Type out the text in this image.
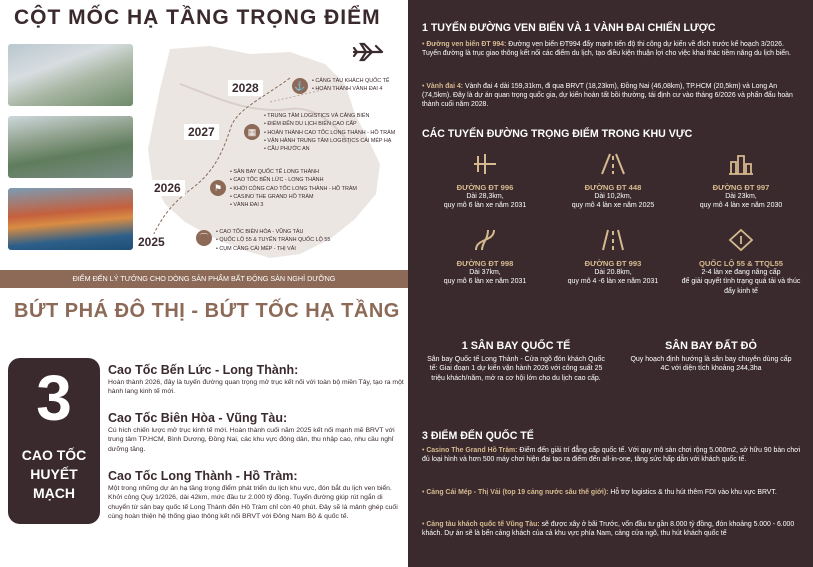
CỘT MỐC HẠ TẦNG TRỌNG ĐIỂM
2028	⚓
•	CẢNG TÀU KHÁCH QUỐC TẾ
• HOÀN THÀNH VÀNH ĐAI 4
2027	▦
• TRUNG TÂM LOGISTICS VÀ CẢNG BIỂN
• ĐIỂM ĐẾN DU LỊCH BIỂN CAO CẤP
• HOÀN THÀNH CAO TỐC LONG THÀNH - HỒ TRÀM
• VẬN HÀNH TRUNG TÂM LOGISTICS CÁI MÉP HẠ
• CẦU PHƯỚC AN
2026	⚑
• SÂN BAY QUỐC TẾ LONG THÀNH
• CAO TỐC BẾN LỨC - LONG THÀNH
• KHỞI CÔNG CAO TỐC LONG THÀNH - HỒ TRÀM
• CASINO THE GRAND HỒ TRÀM
• VÀNH ĐAI 3
2025	⌒
• CAO TỐC BIÊN HÒA - VŨNG TÀU
• QUỐC LỘ 55 & TUYẾN TRÁNH QUỐC LỘ 55
• CỤM CẢNG CÁI MÉP - THỊ VẢI
ĐIỂM ĐẾN LÝ TƯỞNG CHO DÒNG SẢN PHẨM BẤT ĐỘNG SẢN NGHỈ DƯỠNG
BỨT PHÁ ĐÔ THỊ - BỨT TỐC HẠ TẦNG
3
CAO TỐC
HUYẾT
MẠCH
Cao Tốc Bến Lức - Long Thành:

Hoàn thành 2026, đây là tuyến đường quan trọng mở trục kết nối với toàn bộ miền Tây, tạo ra một hành lang kinh tế mới.

Cao Tốc Biên Hòa - Vũng Tàu:

Cú hích chiến lược mở trục kinh tế mới. Hoàn thành cuối năm 2025 kết nối mạnh mẽ BRVT với trung tâm TP.HCM, Bình Dương, Đồng Nai, các khu vực đông dân, thu nhập cao, nhu cầu nghỉ dưỡng tăng.

Cao Tốc Long Thành - Hồ Tràm:

Một trong những dự án hạ tầng trọng điểm phát triển du lịch khu vực, đón bắt du lịch ven biển. Khởi công Quý 1/2026, dài 42km, mức đầu tư 2.000 tỷ đồng. Tuyến đường giúp rút ngắn di chuyển từ sân bay quốc tế Long Thành đến Hồ Tràm chỉ còn 40 phút. Đây sẽ là mảnh ghép cuối cùng hoàn thiện hệ thống giao thông kết nối BRVT với Đông Nam Bộ & quốc tế.

1 TUYẾN ĐƯỜNG VEN BIỂN VÀ 1 VÀNH ĐAI CHIẾN LƯỢC
• Đường ven biển ĐT 994: Đường ven biển ĐT994 đẩy mạnh tiến độ thi công dự kiến về đích trước kế hoạch 3/2026. Tuyến đường là trục giao thông kết nối các điểm du lịch, tạo điều kiện thuận lợi cho việc khai thác tiềm năng du lịch biển.
• Vành đai 4: Vành đai 4 dài 159,31km, đi qua BRVT (18,23km), Đồng Nai (46,08km), TP.HCM (20,5km) và Long An (74,5km). Đây là dự án quan trọng quốc gia, dự kiến hoàn tất bồi thường, tái định cư vào tháng 6/2026 và phấn đấu hoàn thành cuối năm 2028.
CÁC TUYẾN ĐƯỜNG TRỌNG ĐIỂM TRONG KHU VỰC
ĐƯỜNG ĐT 996
Dài 28,3km,
quy mô 6 làn xe năm 2031
ĐƯỜNG ĐT 448
Dài 10,2km,
quy mô 4 làn xe năm 2025
ĐƯỜNG ĐT 997
Dài 23km,
quy mô 4 làn xe năm 2030
ĐƯỜNG ĐT 998
Dài 37km,
quy mô 6 làn xe năm 2031
ĐƯỜNG ĐT 993
Dài 20.8km,
quy mô 4 -6 làn xe năm 2031
QUỐC LỘ 55 & TTQL55
2-4 làn xe đang nâng cấp
để giải quyết tình trạng quá tải và thúc đẩy kinh tế
1 SÂN BAY QUỐC TẾ
Sân bay Quốc tế Long Thành - Cửa ngõ đón khách Quốc tế: Giai đoạn 1 dự kiến vận hành 2026 với công suất 25 triệu khách/năm, mở ra cơ hội lớn cho du lịch cao cấp.
SÂN BAY ĐẤT ĐỎ
Quy hoạch định hướng là sân bay chuyên dùng cấp 4C với diện tích khoảng 244,3ha
3 ĐIỂM ĐẾN QUỐC TẾ
• Casino The Grand Hồ Tràm: Điểm đến giải trí đẳng cấp quốc tế. Với quy mô sàn chơi rộng 5.000m2, sở hữu 90 bàn chơi đủ loại hình và hơn 500 máy chơi hiện đại tạo ra điểm đến all-in-one, tăng sức hấp dẫn với khách quốc tế.
• Cảng Cái Mép - Thị Vải (top 19 cảng nước sâu thế giới): Hỗ trợ logistics & thu hút thêm FDI vào khu vực BRVT.
• Cảng tàu khách quốc tế Vũng Tàu: sẽ được xây ở bãi Trước, vốn đầu tư gần 8.000 tỷ đồng, đón khoảng 5.000 - 6.000 khách. Dự án sẽ là bến cảng khách của cả khu vực phía Nam, cảng cửa ngõ, thu hút khách quốc tế
